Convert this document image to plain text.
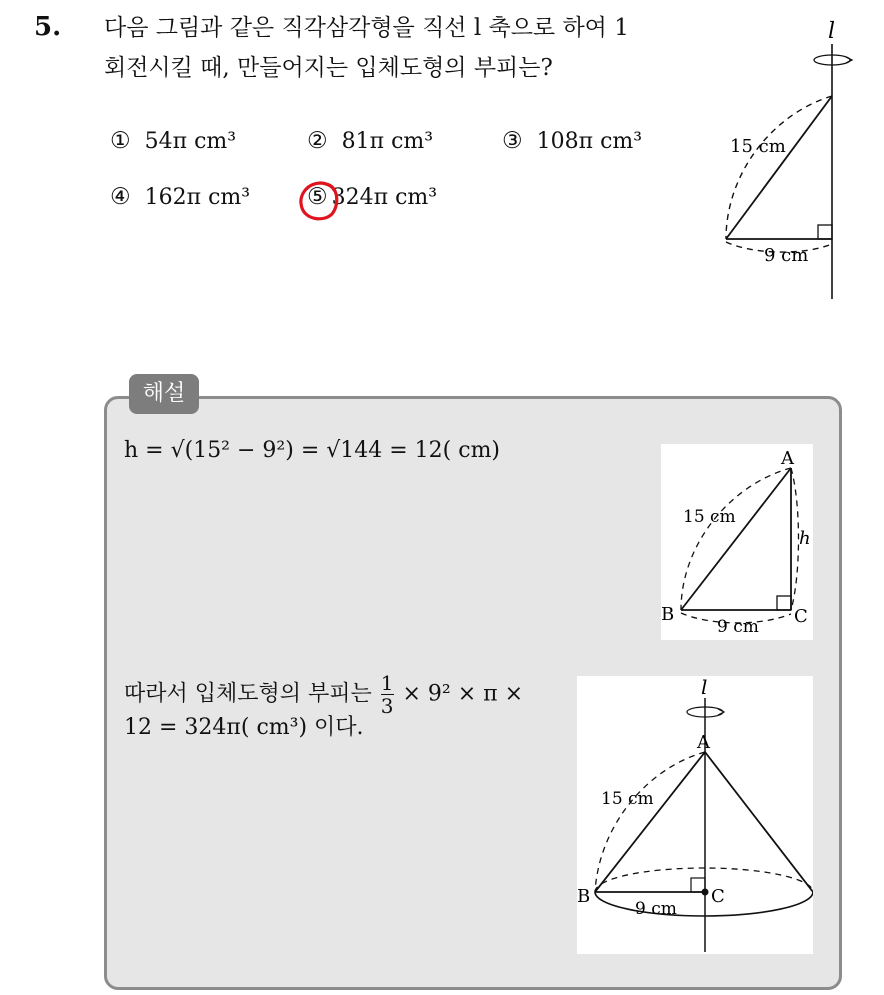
5. 다음 그림과 같은 직각삼각형을 직선 l 축으로 하여 1
회전시킬 때, 만들어지는 입체도형의 부피는?
① 54π cm³	② 81π cm³	③ 108π cm³
④ 162π cm³ ⑤ 324π cm³
l
15 cm
9 cm
해설
h = √(15² − 9²) = √144 = 12( cm)
따라서 입체도형의 부피는 $\frac{1}{3} \times 9^2 \times \pi$ ×
12 = 324π( cm³) 이다.
A
B	C
15 cm
9 cm
h
l
A
B	C
15 cm
9 cm
